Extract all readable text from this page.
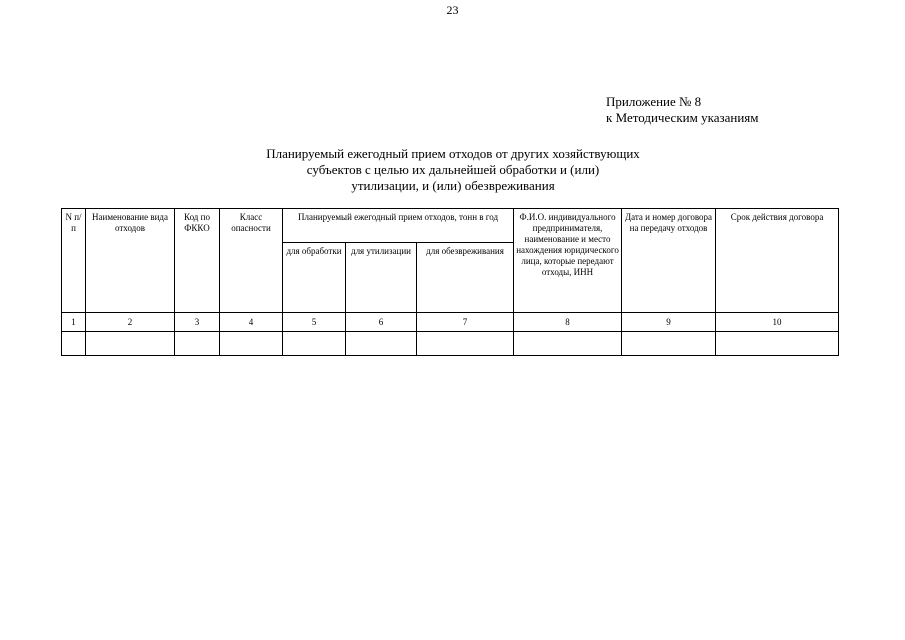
23
Приложение № 8
к Методическим указаниям
Планируемый ежегодный прием отходов от других хозяйствующих
субъектов с целью их дальнейшей обработки и (или)
утилизации, и (или) обезвреживания
N п/п	Наименование вида отходов	Код по ФККО	Класс опасности	Планируемый ежегодный прием отходов, тонн в год			Ф.И.О. индивидуального предпринимателя, наименование и место нахождения юридического лица, которые передают отходы, ИНН	Дата и номер договора на передачу отходов	Срок действия договора
				для обработки	для утилизации	для обезвреживания			
1	2	3	4	5	6	7	8	9	10
